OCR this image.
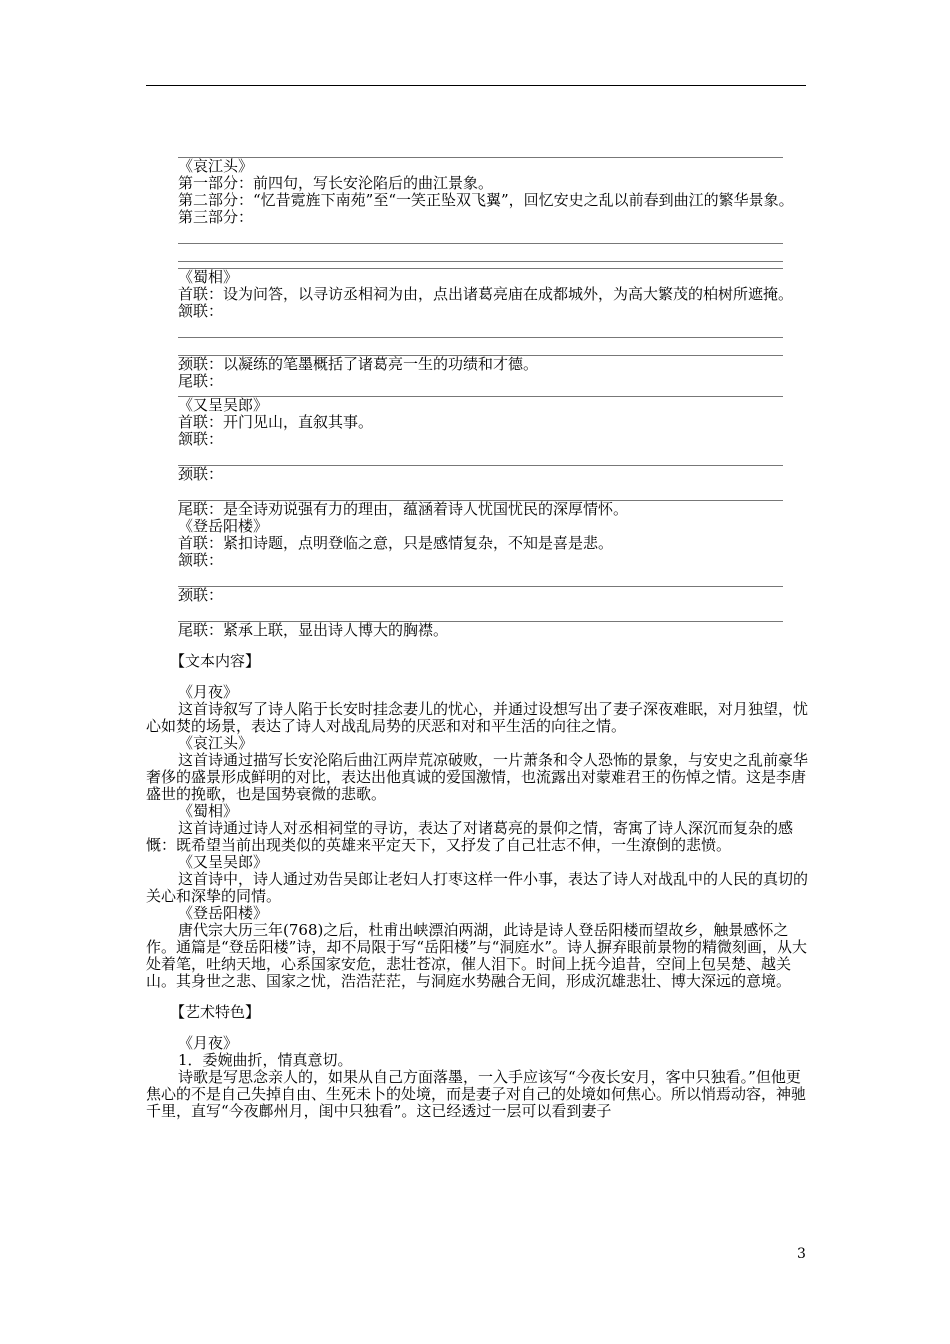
《哀江头》
第一部分：前四句，写长安沦陷后的曲江景象。
第二部分：“忆昔霓旌下南苑”至“一笑正坠双飞翼”，回忆安史之乱以前春到曲江的繁华景象。
第三部分：
《蜀相》
首联：设为问答，以寻访丞相祠为由，点出诸葛亮庙在成都城外，为高大繁茂的柏树所遮掩。
颔联：
颈联：以凝练的笔墨概括了诸葛亮一生的功绩和才德。
尾联：
《又呈吴郎》
首联：开门见山，直叙其事。
颔联：
颈联：
尾联：是全诗劝说强有力的理由，蕴涵着诗人忧国忧民的深厚情怀。
《登岳阳楼》
首联：紧扣诗题，点明登临之意，只是感情复杂，不知是喜是悲。
颔联：
颈联：
尾联：紧承上联，显出诗人博大的胸襟。
【文本内容】
《月夜》
这首诗叙写了诗人陷于长安时挂念妻儿的忧心，并通过设想写出了妻子深夜难眠，对月独望，忧心如焚的场景，表达了诗人对战乱局势的厌恶和对和平生活的向往之情。
《哀江头》
这首诗通过描写长安沦陷后曲江两岸荒凉破败，一片萧条和令人恐怖的景象，与安史之乱前豪华奢侈的盛景形成鲜明的对比，表达出他真诚的爱国激情，也流露出对蒙难君王的伤悼之情。这是李唐盛世的挽歌，也是国势衰微的悲歌。
《蜀相》
这首诗通过诗人对丞相祠堂的寻访，表达了对诸葛亮的景仰之情，寄寓了诗人深沉而复杂的感慨：既希望当前出现类似的英雄来平定天下，又抒发了自己壮志不伸，一生潦倒的悲愤。
《又呈吴郎》
这首诗中，诗人通过劝告吴郎让老妇人打枣这样一件小事，表达了诗人对战乱中的人民的真切的关心和深挚的同情。
《登岳阳楼》
唐代宗大历三年(768)之后，杜甫出峡漂泊两湖，此诗是诗人登岳阳楼而望故乡，触景感怀之作。通篇是“登岳阳楼”诗，却不局限于写“岳阳楼”与“洞庭水”。诗人摒弃眼前景物的精微刻画，从大处着笔，吐纳天地，心系国家安危，悲壮苍凉，催人泪下。时间上抚今追昔，空间上包吴楚、越关山。其身世之悲、国家之忧，浩浩茫茫，与洞庭水势融合无间，形成沉雄悲壮、博大深远的意境。
【艺术特色】
《月夜》
1．委婉曲折，情真意切。
诗歌是写思念亲人的，如果从自己方面落墨，一入手应该写“今夜长安月，客中只独看。”但他更焦心的不是自己失掉自由、生死未卜的处境，而是妻子对自己的处境如何焦心。所以悄焉动容，神驰千里，直写“今夜鄜州月，闺中只独看”。这已经透过一层可以看到妻子
3
